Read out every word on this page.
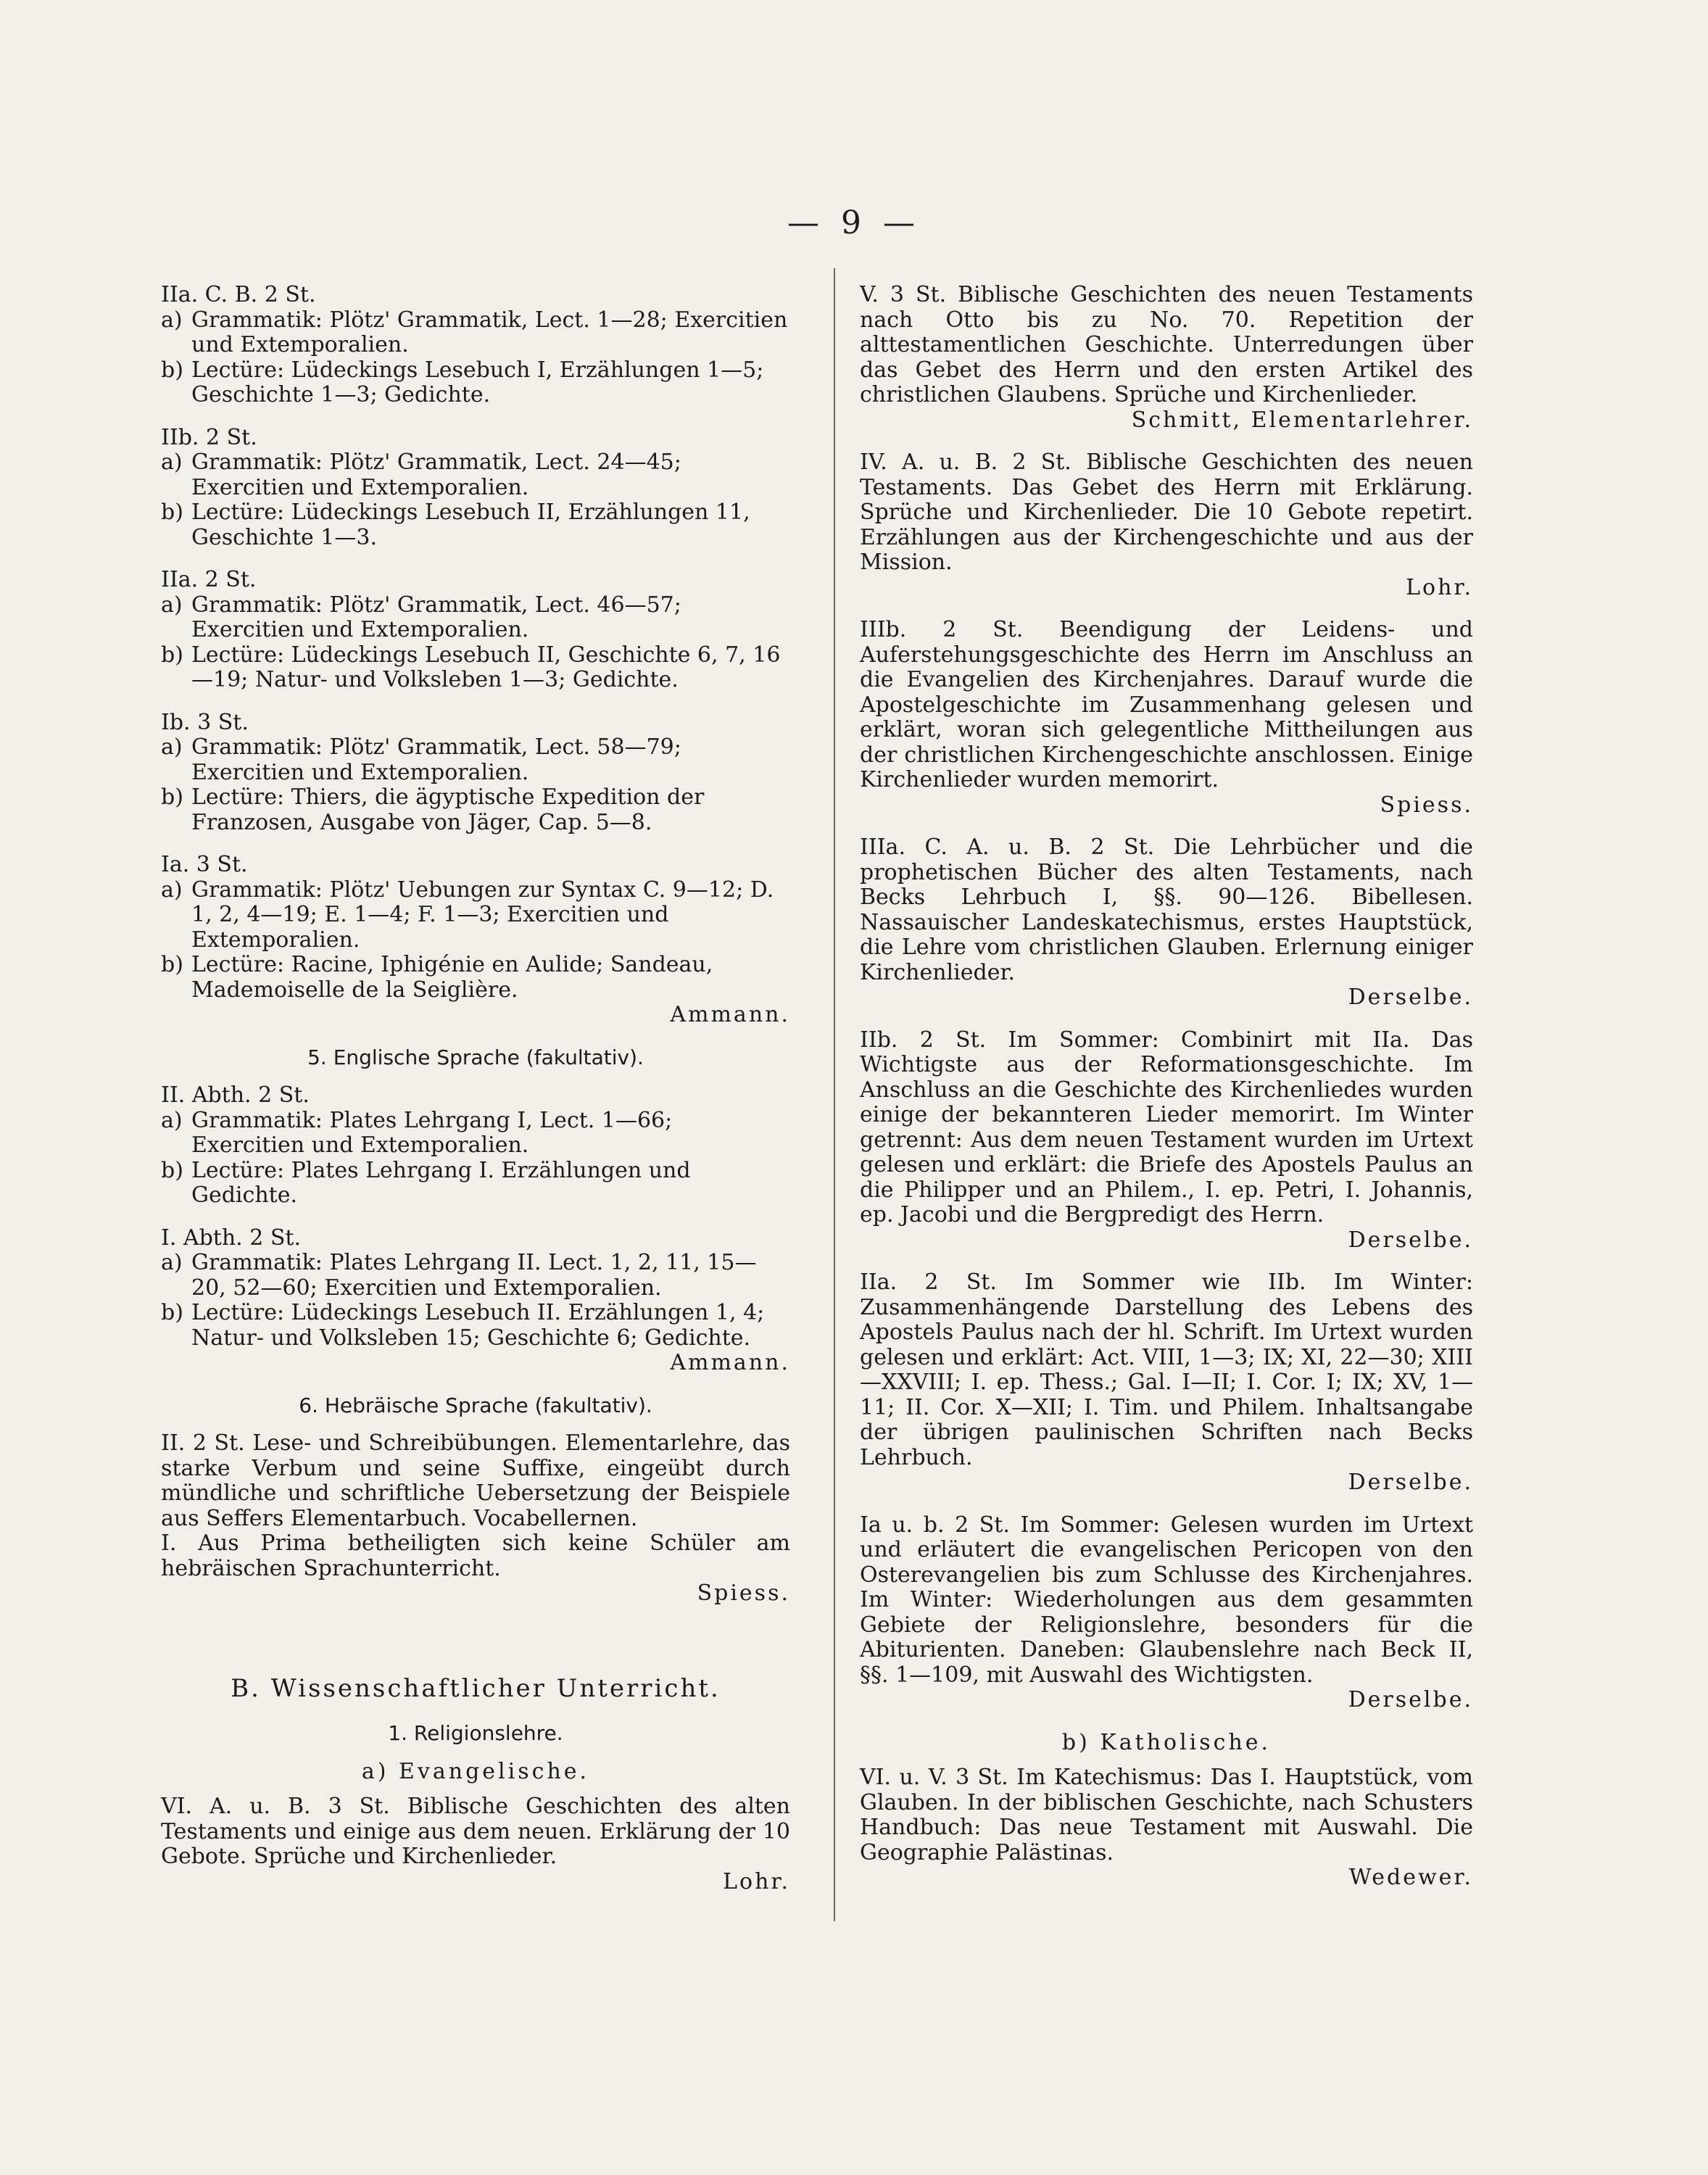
— 9 —
IIa. C. B. 2 St.
a) Grammatik: Plötz' Grammatik, Lect. 1—28; Exercitien und Extemporalien.
b) Lectüre: Lüdeckings Lesebuch I, Erzählungen 1—5; Geschichte 1—3; Gedichte.
IIb. 2 St.
a) Grammatik: Plötz' Grammatik, Lect. 24—45; Exercitien und Extemporalien.
b) Lectüre: Lüdeckings Lesebuch II, Erzählungen 11, Geschichte 1—3.
IIa. 2 St.
a) Grammatik: Plötz' Grammatik, Lect. 46—57; Exercitien und Extemporalien.
b) Lectüre: Lüdeckings Lesebuch II, Geschichte 6, 7, 16—19; Natur- und Volksleben 1—3; Gedichte.
Ib. 3 St.
a) Grammatik: Plötz' Grammatik, Lect. 58—79; Exercitien und Extemporalien.
b) Lectüre: Thiers, die ägyptische Expedition der Franzosen, Ausgabe von Jäger, Cap. 5—8.
Ia. 3 St.
a) Grammatik: Plötz' Uebungen zur Syntax C. 9—12; D. 1, 2, 4—19; E. 1—4; F. 1—3; Exercitien und Extemporalien.
b) Lectüre: Racine, Iphigénie en Aulide; Sandeau, Mademoiselle de la Seiglière.
Ammann.
5. Englische Sprache (fakultativ).
II. Abth. 2 St.
a) Grammatik: Plates Lehrgang I, Lect. 1—66; Exercitien und Extemporalien.
b) Lectüre: Plates Lehrgang I. Erzählungen und Gedichte.
I. Abth. 2 St.
a) Grammatik: Plates Lehrgang II. Lect. 1, 2, 11, 15—20, 52—60; Exercitien und Extemporalien.
b) Lectüre: Lüdeckings Lesebuch II. Erzählungen 1, 4; Natur- und Volksleben 15; Geschichte 6; Gedichte.
Ammann.
6. Hebräische Sprache (fakultativ).
II. 2 St. Lese- und Schreibübungen. Elementarlehre, das starke Verbum und seine Suffixe, eingeübt durch mündliche und schriftliche Uebersetzung der Beispiele aus Seffers Elementarbuch. Vocabellernen.
I. Aus Prima betheiligten sich keine Schüler am hebräischen Sprachunterricht.
Spiess.
B. Wissenschaftlicher Unterricht.
1. Religionslehre.
a) Evangelische.
VI. A. u. B. 3 St. Biblische Geschichten des alten Testaments und einige aus dem neuen. Erklärung der 10 Gebote. Sprüche und Kirchenlieder.
Lohr.
V. 3 St. Biblische Geschichten des neuen Testaments nach Otto bis zu No. 70. Repetition der alttestamentlichen Geschichte. Unterredungen über das Gebet des Herrn und den ersten Artikel des christlichen Glaubens. Sprüche und Kirchenlieder.
Schmitt, Elementarlehrer.
IV. A. u. B. 2 St. Biblische Geschichten des neuen Testaments. Das Gebet des Herrn mit Erklärung. Sprüche und Kirchenlieder. Die 10 Gebote repetirt. Erzählungen aus der Kirchengeschichte und aus der Mission.
Lohr.
IIIb. 2 St. Beendigung der Leidens- und Auferstehungsgeschichte des Herrn im Anschluss an die Evangelien des Kirchenjahres. Darauf wurde die Apostelgeschichte im Zusammenhang gelesen und erklärt, woran sich gelegentliche Mittheilungen aus der christlichen Kirchengeschichte anschlossen. Einige Kirchenlieder wurden memorirt.
Spiess.
IIIa. C. A. u. B. 2 St. Die Lehrbücher und die prophetischen Bücher des alten Testaments, nach Becks Lehrbuch I, §§. 90—126. Bibellesen. Nassauischer Landeskatechismus, erstes Hauptstück, die Lehre vom christlichen Glauben. Erlernung einiger Kirchenlieder.
Derselbe.
IIb. 2 St. Im Sommer: Combinirt mit IIa. Das Wichtigste aus der Reformationsgeschichte. Im Anschluss an die Geschichte des Kirchenliedes wurden einige der bekannteren Lieder memorirt. Im Winter getrennt: Aus dem neuen Testament wurden im Urtext gelesen und erklärt: die Briefe des Apostels Paulus an die Philipper und an Philem., I. ep. Petri, I. Johannis, ep. Jacobi und die Bergpredigt des Herrn.
Derselbe.
IIa. 2 St. Im Sommer wie IIb. Im Winter: Zusammenhängende Darstellung des Lebens des Apostels Paulus nach der hl. Schrift. Im Urtext wurden gelesen und erklärt: Act. VIII, 1—3; IX; XI, 22—30; XIII—XXVIII; I. ep. Thess.; Gal. I—II; I. Cor. I; IX; XV, 1—11; II. Cor. X—XII; I. Tim. und Philem. Inhaltsangabe der übrigen paulinischen Schriften nach Becks Lehrbuch.
Derselbe.
Ia u. b. 2 St. Im Sommer: Gelesen wurden im Urtext und erläutert die evangelischen Pericopen von den Osterevangelien bis zum Schlusse des Kirchenjahres. Im Winter: Wiederholungen aus dem gesammten Gebiete der Religionslehre, besonders für die Abiturienten. Daneben: Glaubenslehre nach Beck II, §§. 1—109, mit Auswahl des Wichtigsten.
Derselbe.
b) Katholische.
VI. u. V. 3 St. Im Katechismus: Das I. Hauptstück, vom Glauben. In der biblischen Geschichte, nach Schusters Handbuch: Das neue Testament mit Auswahl. Die Geographie Palästinas.
Wedewer.
